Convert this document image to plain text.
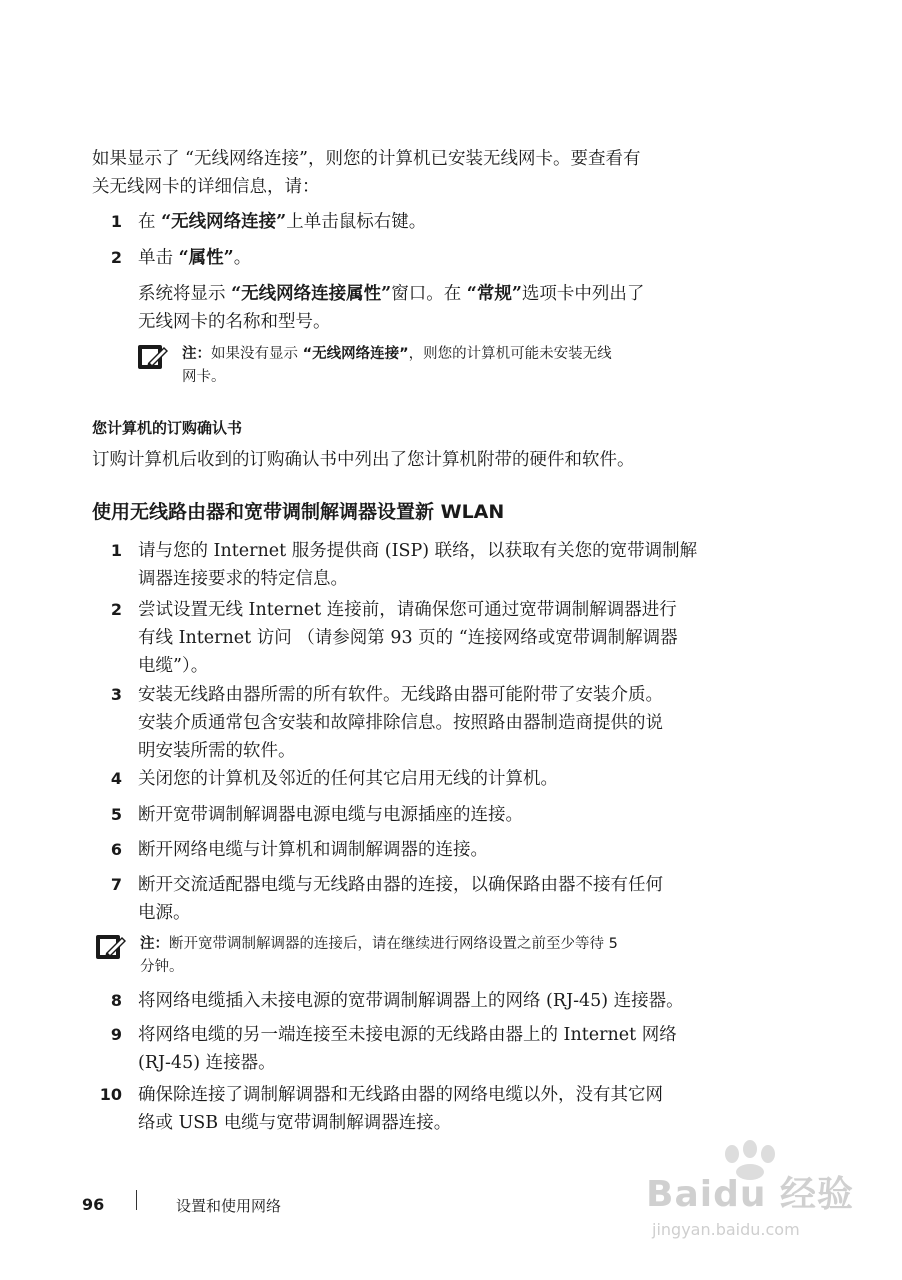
如果显示了 “无线网络连接”，则您的计算机已安装无线网卡。要查看有
关无线网卡的详细信息，请：

1 在 “无线网络连接”上单击鼠标右键。
2 单击 “属性”。
系统将显示 “无线网络连接属性”窗口。在 “常规”选项卡中列出了
无线网卡的名称和型号。
注：如果没有显示 “无线网络连接”，则您的计算机可能未安装无线
网卡。
您计算机的订购确认书

订购计算机后收到的订购确认书中列出了您计算机附带的硬件和软件。

使用无线路由器和宽带调制解调器设置新 WLAN
1 请与您的 Internet 服务提供商 (ISP) 联络，以获取有关您的宽带调制解
调器连接要求的特定信息。
2 尝试设置无线 Internet 连接前，请确保您可通过宽带调制解调器进行
有线 Internet 访问 （请参阅第 93 页的 “连接网络或宽带调制解调器
电缆”）。
3 安装无线路由器所需的所有软件。无线路由器可能附带了安装介质。
安装介质通常包含安装和故障排除信息。按照路由器制造商提供的说
明安装所需的软件。
4 关闭您的计算机及邻近的任何其它启用无线的计算机。
5 断开宽带调制解调器电源电缆与电源插座的连接。
6 断开网络电缆与计算机和调制解调器的连接。
7 断开交流适配器电缆与无线路由器的连接，以确保路由器不接有任何
电源。
注：断开宽带调制解调器的连接后，请在继续进行网络设置之前至少等待 5
分钟。
8 将网络电缆插入未接电源的宽带调制解调器上的网络 (RJ-45) 连接器。
9 将网络电缆的另一端连接至未接电源的无线路由器上的 Internet 网络
(RJ-45) 连接器。
10 确保除连接了调制解调器和无线路由器的网络电缆以外，没有其它网
络或 USB 电缆与宽带调制解调器连接。
96	设置和使用网络	Baidu 经验
jingyan.baidu.com
